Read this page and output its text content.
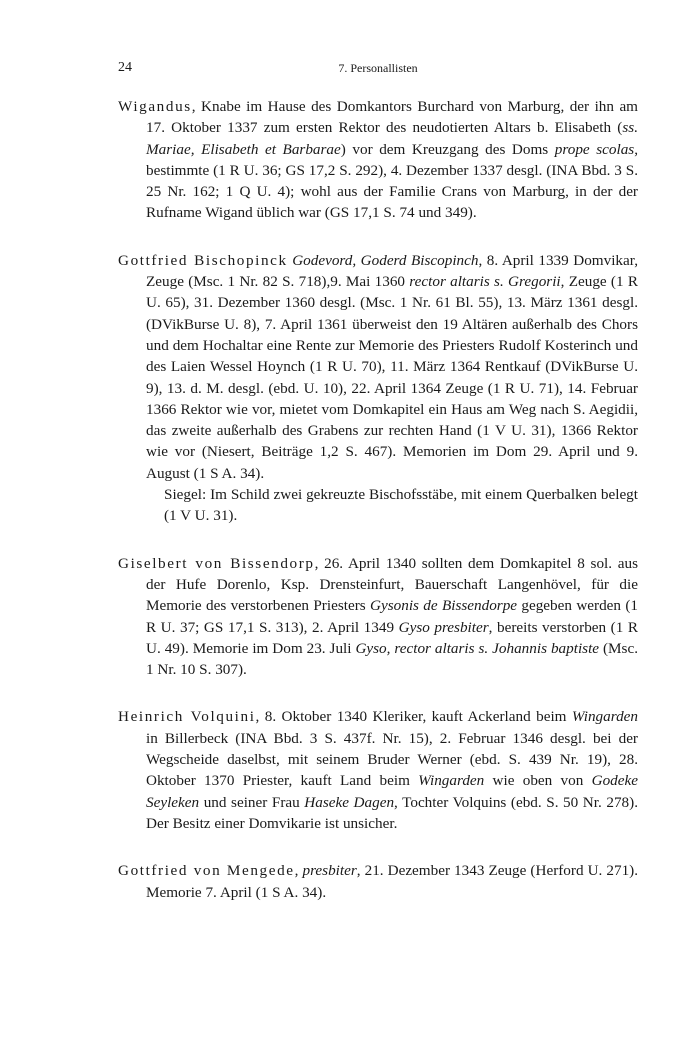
24	7. Personallisten

Wigandus, Knabe im Hause des Domkantors Burchard von Marburg, der ihn am 17. Oktober 1337 zum ersten Rektor des neudotierten Altars b. Elisabeth (ss. Mariae, Elisabeth et Barbarae) vor dem Kreuzgang des Doms prope scolas, bestimmte (1 R U. 36; GS 17,2 S. 292), 4. Dezember 1337 desgl. (INA Bbd. 3 S. 25 Nr. 162; 1 Q U. 4); wohl aus der Familie Crans von Marburg, in der der Rufname Wigand üblich war (GS 17,1 S. 74 und 349).

Gottfried Bischopinck Godevord, Goderd Biscopinch, 8. April 1339 Domvikar, Zeuge (Msc. 1 Nr. 82 S. 718),9. Mai 1360 rector altaris s. Gregorii, Zeuge (1 R U. 65), 31. Dezember 1360 desgl. (Msc. 1 Nr. 61 Bl. 55), 13. März 1361 desgl. (DVikBurse U. 8), 7. April 1361 überweist den 19 Altären außerhalb des Chors und dem Hochaltar eine Rente zur Memorie des Priesters Rudolf Kosterinch und des Laien Wessel Hoynch (1 R U. 70), 11. März 1364 Rentkauf (DVikBurse U. 9), 13. d. M. desgl. (ebd. U. 10), 22. April 1364 Zeuge (1 R U. 71), 14. Februar 1366 Rektor wie vor, mietet vom Domkapitel ein Haus am Weg nach S. Aegidii, das zweite außerhalb des Grabens zur rechten Hand (1 V U. 31), 1366 Rektor wie vor (Niesert, Beiträge 1,2 S. 467). Memorien im Dom 29. April und 9. August (1 S A. 34).

Siegel: Im Schild zwei gekreuzte Bischofsstäbe, mit einem Querbalken belegt (1 V U. 31).

Giselbert von Bissendorp, 26. April 1340 sollten dem Domkapitel 8 sol. aus der Hufe Dorenlo, Ksp. Drensteinfurt, Bauerschaft Langenhövel, für die Memorie des verstorbenen Priesters Gysonis de Bissendorpe gegeben werden (1 R U. 37; GS 17,1 S. 313), 2. April 1349 Gyso presbiter, bereits verstorben (1 R U. 49). Memorie im Dom 23. Juli Gyso, rector altaris s. Johannis baptiste (Msc. 1 Nr. 10 S. 307).

Heinrich Volquini, 8. Oktober 1340 Kleriker, kauft Ackerland beim Wingarden in Billerbeck (INA Bbd. 3 S. 437f. Nr. 15), 2. Februar 1346 desgl. bei der Wegscheide daselbst, mit seinem Bruder Werner (ebd. S. 439 Nr. 19), 28. Oktober 1370 Priester, kauft Land beim Wingarden wie oben von Godeke Seyleken und seiner Frau Haseke Dagen, Tochter Volquins (ebd. S. 50 Nr. 278). Der Besitz einer Domvikarie ist unsicher.

Gottfried von Mengede, presbiter, 21. Dezember 1343 Zeuge (Herford U. 271). Memorie 7. April (1 S A. 34).
